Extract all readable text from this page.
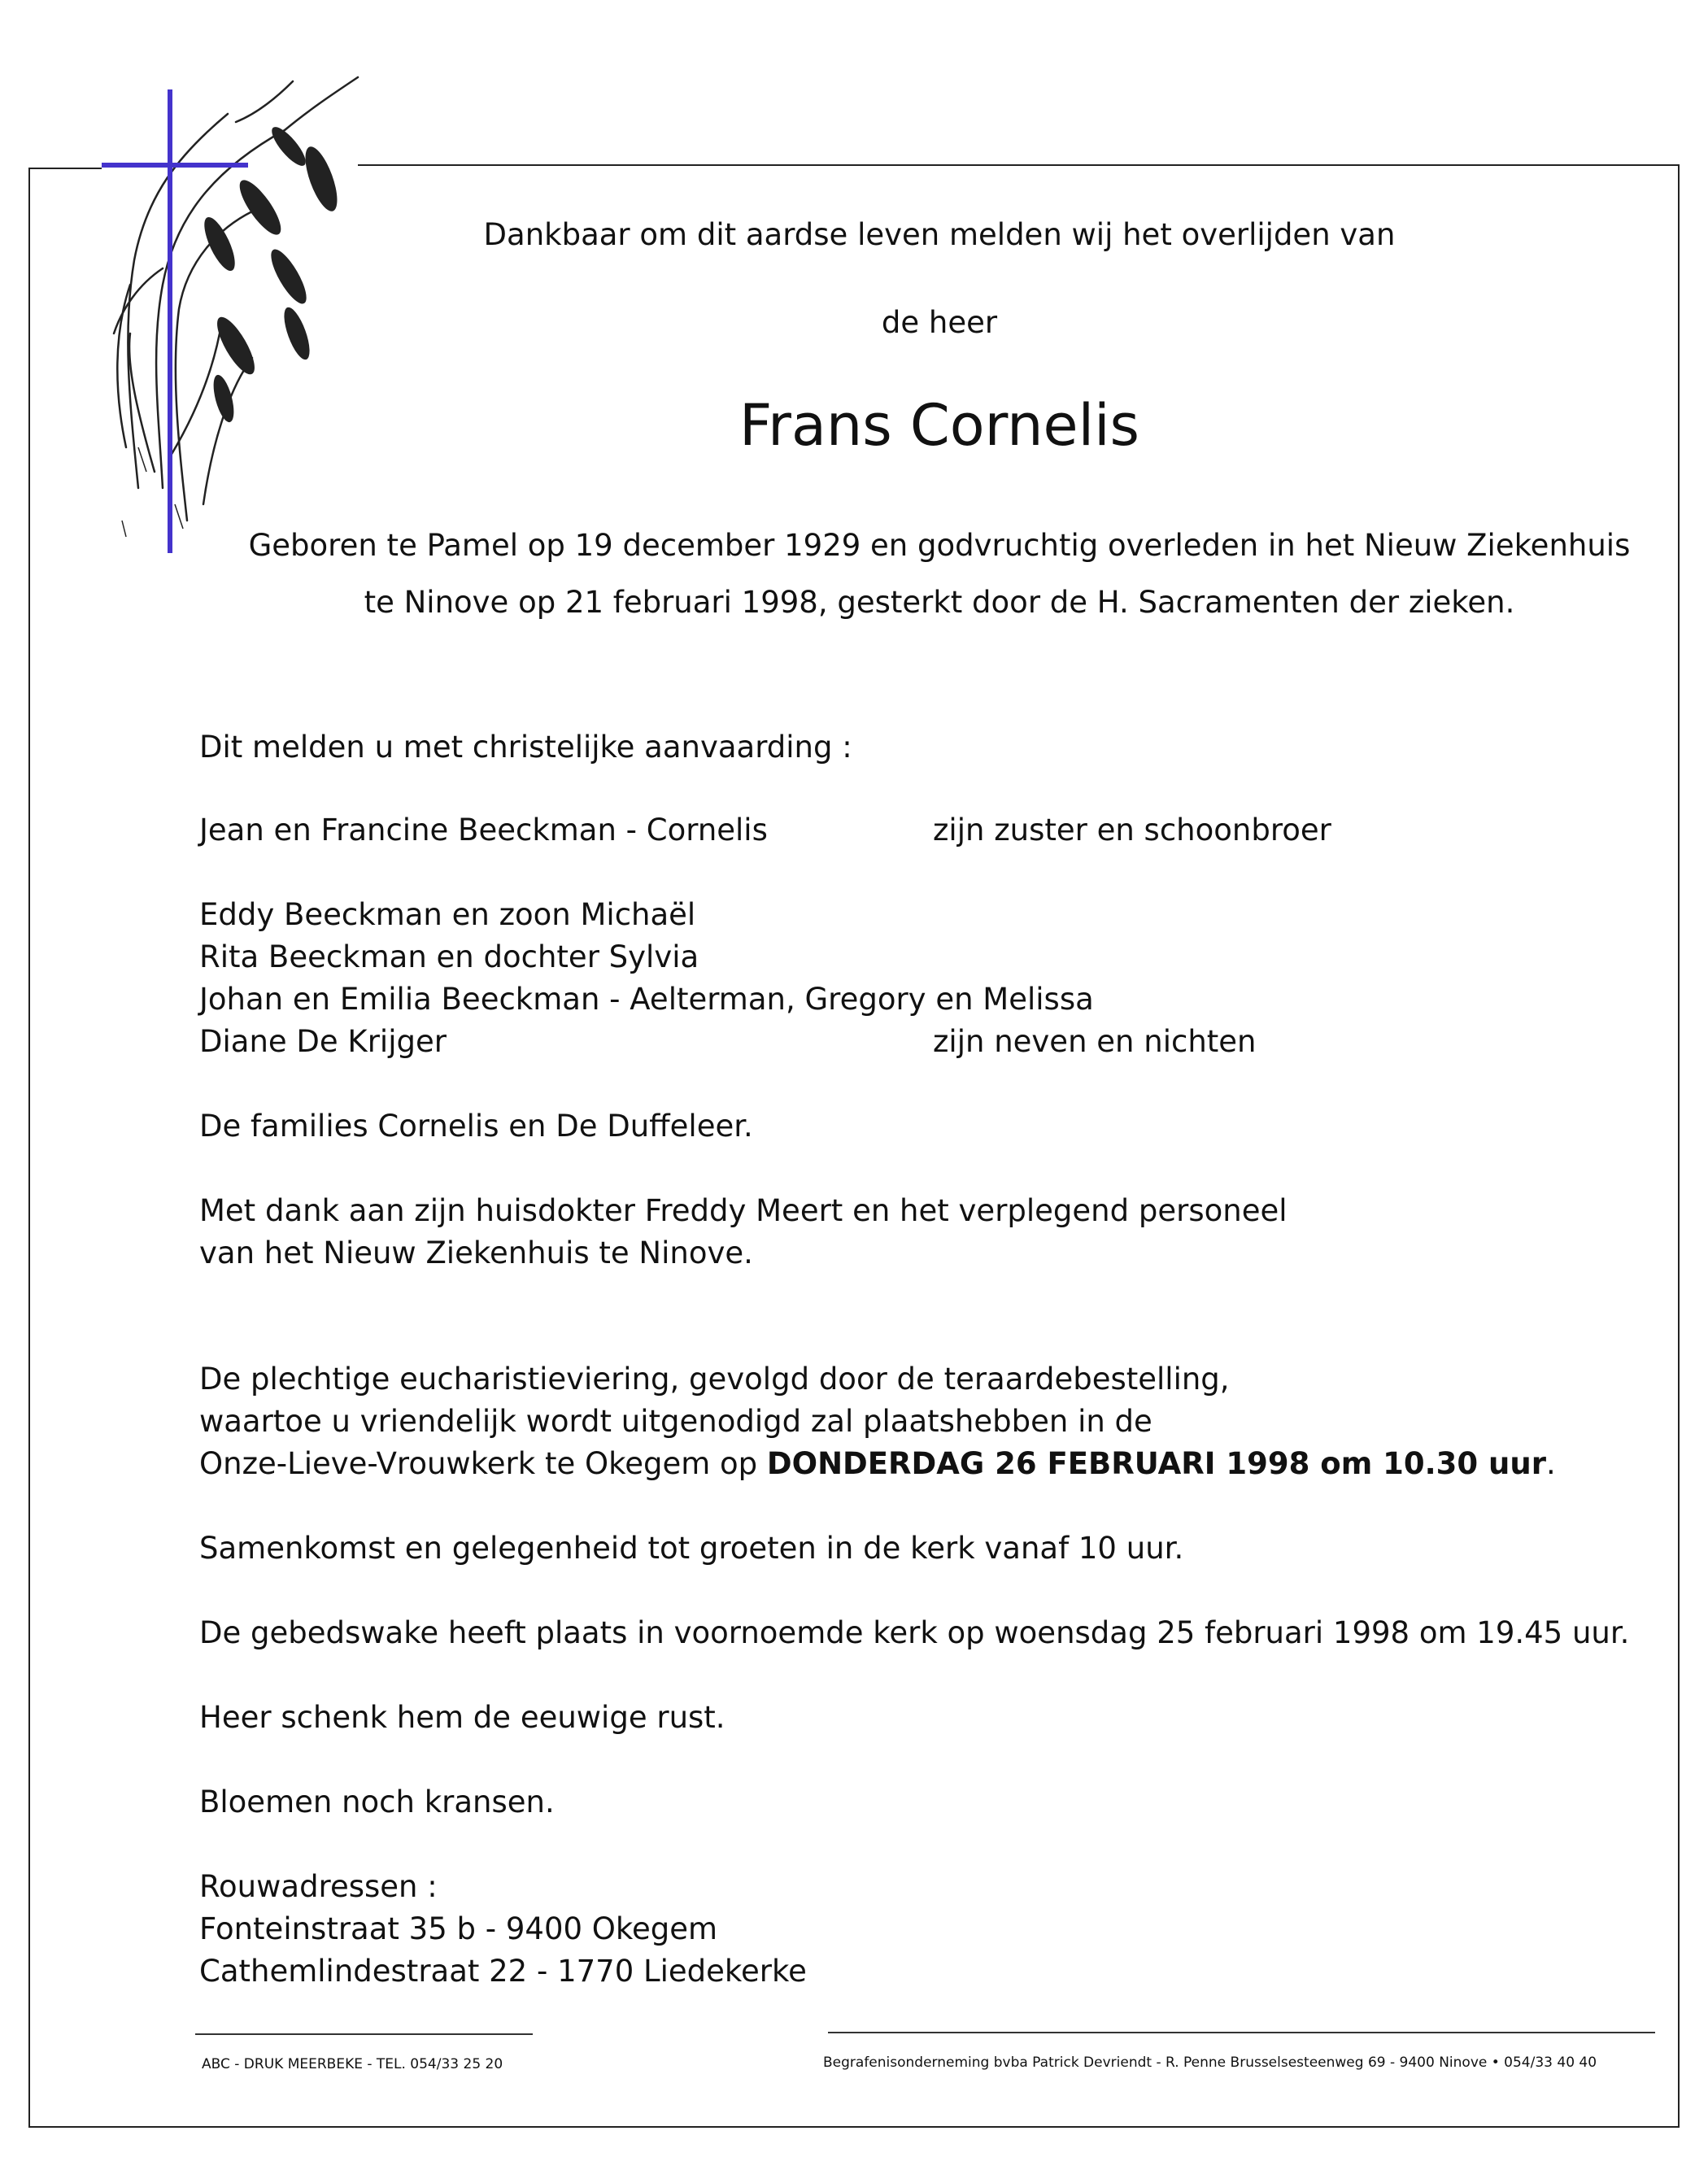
Dankbaar om dit aardse leven melden wij het overlijden van
de heer
Frans Cornelis
Geboren te Pamel op 19 december 1929 en godvruchtig overleden in het Nieuw Ziekenhuis
te Ninove op 21 februari 1998, gesterkt door de H. Sacramenten der zieken.
Dit melden u met christelijke aanvaarding :
Jean en Francine Beeckman - Cornelis	zijn zuster en schoonbroer
Eddy Beeckman en zoon Michaël
Rita Beeckman en dochter Sylvia
Johan en Emilia Beeckman - Aelterman, Gregory en Melissa
Diane De Krijger	zijn neven en nichten
De families Cornelis en De Duffeleer.
Met dank aan zijn huisdokter Freddy Meert en het verplegend personeel
van het Nieuw Ziekenhuis te Ninove.
De plechtige eucharistieviering, gevolgd door de teraardebestelling,
waartoe u vriendelijk wordt uitgenodigd zal plaatshebben in de
Onze-Lieve-Vrouwkerk te Okegem op DONDERDAG 26 FEBRUARI 1998 om 10.30 uur.
Samenkomst en gelegenheid tot groeten in de kerk vanaf 10 uur.
De gebedswake heeft plaats in voornoemde kerk op woensdag 25 februari 1998 om 19.45 uur.
Heer schenk hem de eeuwige rust.
Bloemen noch kransen.
Rouwadressen :
Fonteinstraat 35 b - 9400 Okegem
Cathemlindestraat 22 - 1770 Liedekerke
ABC - DRUK MEERBEKE - TEL. 054/33 25 20	Begrafenisonderneming bvba Patrick Devriendt - R. Penne Brusselsesteenweg 69 - 9400 Ninove • 054/33 40 40
